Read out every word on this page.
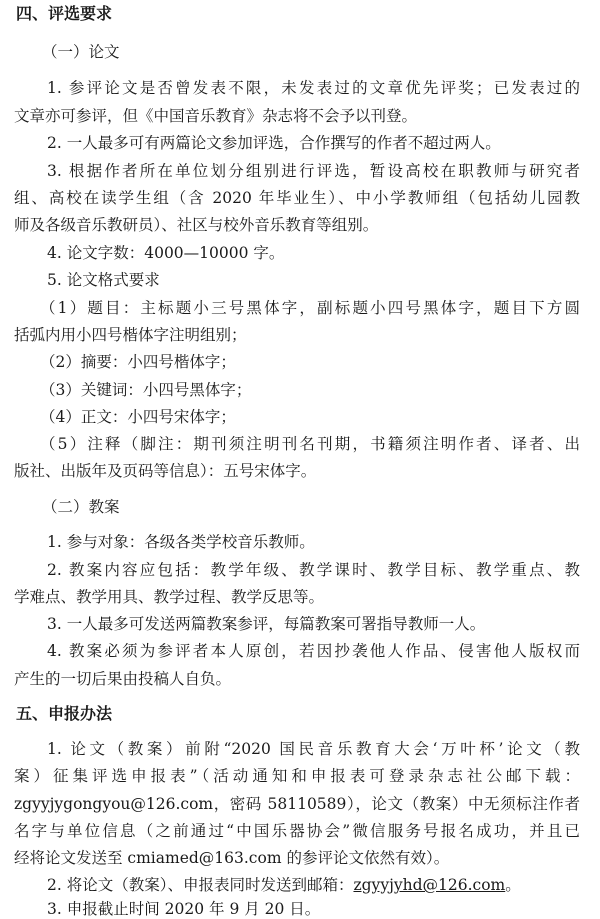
四、评选要求
（一）论文
1. 参评论文是否曾发表不限，未发表过的文章优先评奖；已发表过的
文章亦可参评，但《中国音乐教育》杂志将不会予以刊登。
2. 一人最多可有两篇论文参加评选，合作撰写的作者不超过两人。
3. 根据作者所在单位划分组别进行评选，暂设高校在职教师与研究者
组、高校在读学生组（含 2020 年毕业生）、中小学教师组（包括幼儿园教
师及各级音乐教研员）、社区与校外音乐教育等组别。
4. 论文字数：4000—10000 字。
5. 论文格式要求
（1）题目：主标题小三号黑体字，副标题小四号黑体字，题目下方圆
括弧内用小四号楷体字注明组别；
（2）摘要：小四号楷体字；
（3）关键词：小四号黑体字；
（4）正文：小四号宋体字；
（5）注释（脚注：期刊须注明刊名刊期，书籍须注明作者、译者、出
版社、出版年及页码等信息）：五号宋体字。
（二）教案
1. 参与对象：各级各类学校音乐教师。
2. 教案内容应包括：教学年级、教学课时、教学目标、教学重点、教
学难点、教学用具、教学过程、教学反思等。
3. 一人最多可发送两篇教案参评，每篇教案可署指导教师一人。
4. 教案必须为参评者本人原创，若因抄袭他人作品、侵害他人版权而
产生的一切后果由投稿人自负。
五、申报办法
1. 论文（教案）前附“2020 国民音乐教育大会‘万叶杯’论文（教
案）征集评选申报表”（活动通知和申报表可登录杂志社公邮下载：
zgyyjygongyou@126.com，密码 58110589），论文（教案）中无须标注作者
名字与单位信息（之前通过“中国乐器协会”微信服务号报名成功，并且已
经将论文发送至 cmiamed@163.com 的参评论文依然有效）。
2. 将论文（教案）、申报表同时发送到邮箱：zgyyjyhd@126.com。
3. 申报截止时间 2020 年 9 月 20 日。
